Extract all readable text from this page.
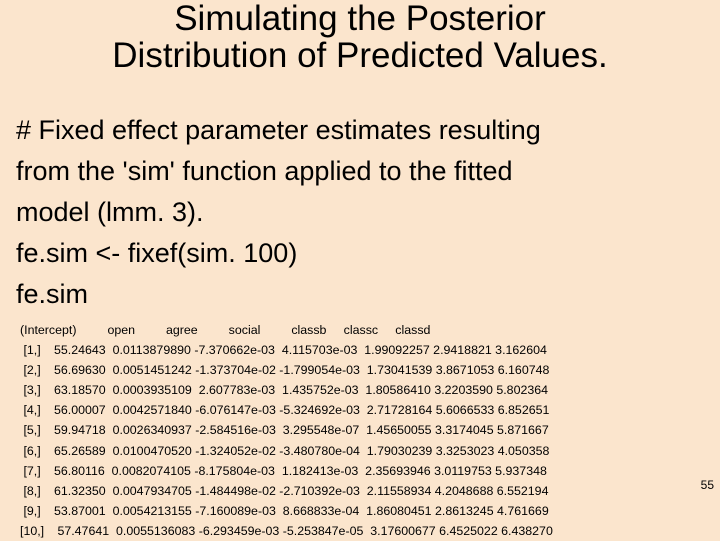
Simulating the Posterior
Distribution of Predicted Values.
# Fixed effect parameter estimates resulting
from the 'sim' function applied to the fitted
model (lmm. 3).
fe.sim <- fixef(sim. 100)
fe.sim
(Intercept)         open         agree         social         classb     classc     classd
[1,] 55.24643  0.0113879890 -7.370662e-03  4.115703e-03  1.99092257 2.9418821 3.162604
[2,] 56.69630  0.0051451242 -1.373704e-02 -1.799054e-03  1.73041539 3.8671053 6.160748
[3,] 63.18570  0.0003935109  2.607783e-03  1.435752e-03  1.80586410 3.2203590 5.802364
[4,] 56.00007  0.0042571840 -6.076147e-03 -5.324692e-03  2.71728164 5.6066533 6.852651
[5,] 59.94718  0.0026340937 -2.584516e-03  3.295548e-07  1.45650055 3.3174045 5.871667
[6,] 65.26589  0.0100470520 -1.324052e-02 -3.480780e-04  1.79030239 3.3253023 4.050358
[7,] 56.80116  0.0082074105 -8.175804e-03  1.182413e-03  2.35693946 3.0119753 5.937348
[8,] 61.32350  0.0047934705 -1.484498e-02 -2.710392e-03  2.11558934 4.2048688 6.552194
[9,] 53.87001  0.0054213155 -7.160089e-03  8.668833e-04  1.86080451 2.8613245 4.761669
[10,] 57.47641  0.0055136083 -6.293459e-03 -5.253847e-05  3.17600677 6.4525022 6.438270
55
